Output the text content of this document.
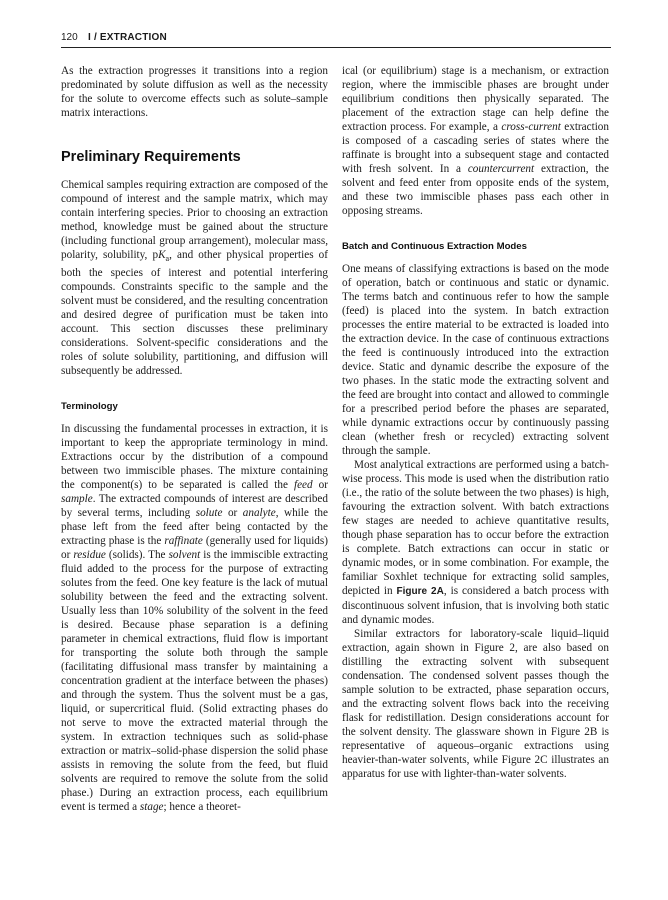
120 I / EXTRACTION

As the extraction progresses it transitions into a region predominated by solute diffusion as well as the necessity for the solute to overcome effects such as solute–sample matrix interactions.

Preliminary Requirements

Chemical samples requiring extraction are composed of the compound of interest and the sample matrix, which may contain interfering species. Prior to choosing an extraction method, knowledge must be gained about the structure (including functional group arrangement), molecular mass, polarity, solubility, $pK_a$, and other physical properties of both the species of interest and potential interfering compounds. Constraints specific to the sample and the solvent must be considered, and the resulting concentration and desired degree of purification must be taken into account. This section discusses these preliminary considerations. Solvent-specific considerations and the roles of solute solubility, partitioning, and diffusion will subsequently be addressed.

Terminology

In discussing the fundamental processes in extraction, it is important to keep the appropriate terminology in mind. Extractions occur by the distribution of a compound between two immiscible phases. The mixture containing the component(s) to be separated is called the feed or sample. The extracted compounds of interest are described by several terms, including solute or analyte, while the phase left from the feed after being contacted by the extracting phase is the raffinate (generally used for liquids) or residue (solids). The solvent is the immiscible extracting fluid added to the process for the purpose of extracting solutes from the feed. One key feature is the lack of mutual solubility between the feed and the extracting solvent. Usually less than 10% solubility of the solvent in the feed is desired. Because phase separation is a defining parameter in chemical extractions, fluid flow is important for transporting the solute both through the sample (facilitating diffusional mass transfer by maintaining a concentration gradient at the interface between the phases) and through the system. Thus the solvent must be a gas, liquid, or supercritical fluid. (Solid extracting phases do not serve to move the extracted material through the system. In extraction techniques such as solid-phase extraction or matrix–solid-phase dispersion the solid phase assists in removing the solute from the feed, but fluid solvents are required to remove the solute from the solid phase.) During an extraction process, each equilibrium event is termed a stage; hence a theoret-

ical (or equilibrium) stage is a mechanism, or extraction region, where the immiscible phases are brought under equilibrium conditions then physically separated. The placement of the extraction stage can help define the extraction process. For example, a cross-current extraction is composed of a cascading series of states where the raffinate is brought into a subsequent stage and contacted with fresh solvent. In a countercurrent extraction, the solvent and feed enter from opposite ends of the system, and these two immiscible phases pass each other in opposing streams.

Batch and Continuous Extraction Modes

One means of classifying extractions is based on the mode of operation, batch or continuous and static or dynamic. The terms batch and continuous refer to how the sample (feed) is placed into the system. In batch extraction processes the entire material to be extracted is loaded into the extraction device. In the case of continuous extractions the feed is continuously introduced into the extraction device. Static and dynamic describe the exposure of the two phases. In the static mode the extracting solvent and the feed are brought into contact and allowed to commingle for a prescribed period before the phases are separated, while dynamic extractions occur by continuously passing clean (whether fresh or recycled) extracting solvent through the sample.

Most analytical extractions are performed using a batch-wise process. This mode is used when the distribution ratio (i.e., the ratio of the solute between the two phases) is high, favouring the extraction solvent. With batch extractions few stages are needed to achieve quantitative results, though phase separation has to occur before the extraction is complete. Batch extractions can occur in static or dynamic modes, or in some combination. For example, the familiar Soxhlet technique for extracting solid samples, depicted in Figure 2A, is considered a batch process with discontinuous solvent infusion, that is involving both static and dynamic modes.

Similar extractors for laboratory-scale liquid–liquid extraction, again shown in Figure 2, are also based on distilling the extracting solvent with subsequent condensation. The condensed solvent passes though the sample solution to be extracted, phase separation occurs, and the extracting solvent flows back into the receiving flask for redistillation. Design considerations account for the solvent density. The glassware shown in Figure 2B is representative of aqueous–organic extractions using heavier-than-water solvents, while Figure 2C illustrates an apparatus for use with lighter-than-water solvents.
